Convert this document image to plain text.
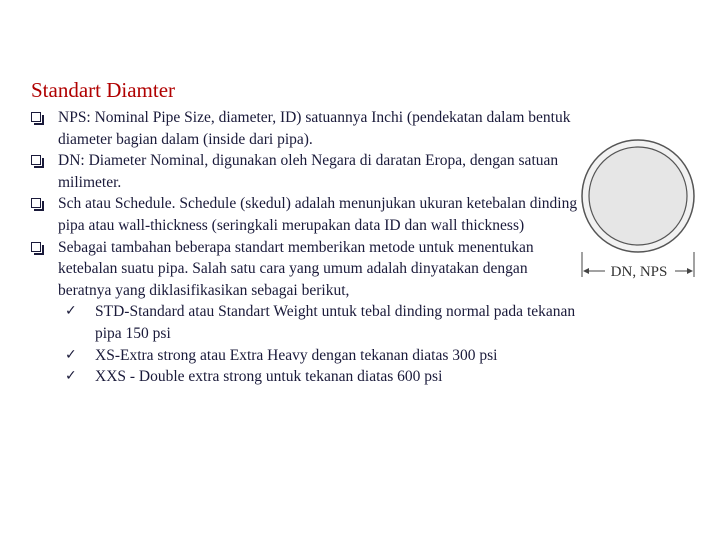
Standart Diamter

NPS: Nominal Pipe Size, diameter, ID) satuannya Inchi (pendekatan dalam bentuk diameter bagian dalam (inside dari pipa).

DN: Diameter Nominal, digunakan oleh Negara di daratan Eropa, dengan satuan milimeter.

Sch atau Schedule. Schedule (skedul) adalah menunjukan ukuran ketebalan dinding pipa atau wall-thickness (seringkali merupakan data ID dan wall thickness)

Sebagai tambahan beberapa standart memberikan metode untuk menentukan ketebalan suatu pipa. Salah satu cara yang umum adalah dinyatakan dengan beratnya yang diklasifikasikan sebagai berikut,

✓ STD-Standard atau Standart Weight untuk tebal dinding normal pada tekanan pipa 150 psi

✓ XS-Extra strong atau Extra Heavy dengan tekanan diatas 300 psi

✓ XXS - Double extra strong untuk tekanan diatas 600 psi

DN, NPS
